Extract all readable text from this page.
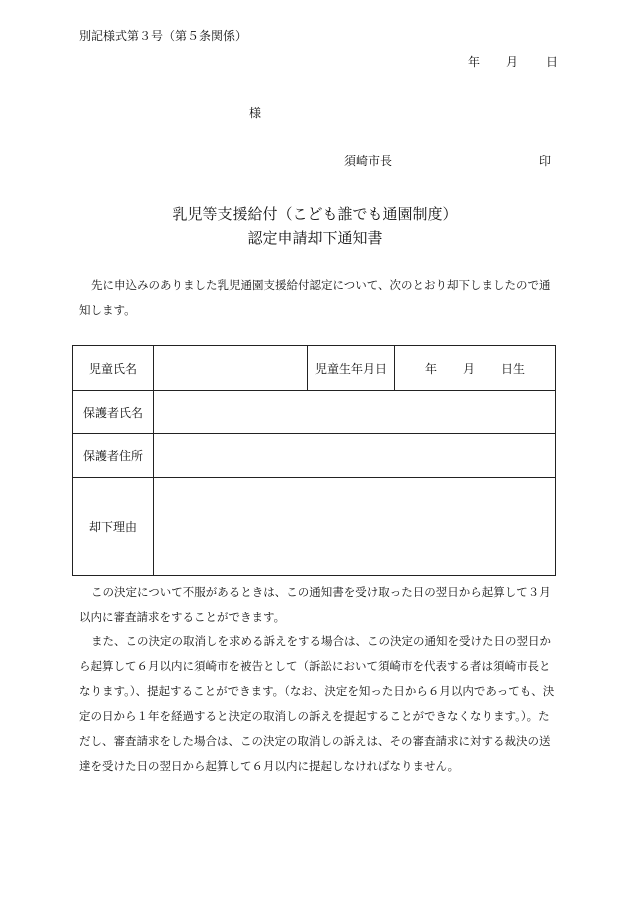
別記様式第３号（第５条関係）
年 月 日
様
須崎市長	印
乳児等支援給付（こども誰でも通園制度）
認定申請却下通知書
先に申込みのありました乳児通園支援給付認定について、次のとおり却下しましたので通知します。
児童氏名		児童生年月日	年 月 日生
保護者氏名			
保護者住所			
却下理由			
この決定について不服があるときは、この通知書を受け取った日の翌日から起算して３月以内に審査請求をすることができます。
また、この決定の取消しを求める訴えをする場合は、この決定の通知を受けた日の翌日から起算して６月以内に須崎市を被告として（訴訟において須崎市を代表する者は須崎市長となります。）、提起することができます。（なお、決定を知った日から６月以内であっても、決定の日から１年を経過すると決定の取消しの訴えを提起することができなくなります。）。ただし、審査請求をした場合は、この決定の取消しの訴えは、その審査請求に対する裁決の送達を受けた日の翌日から起算して６月以内に提起しなければなりません。
